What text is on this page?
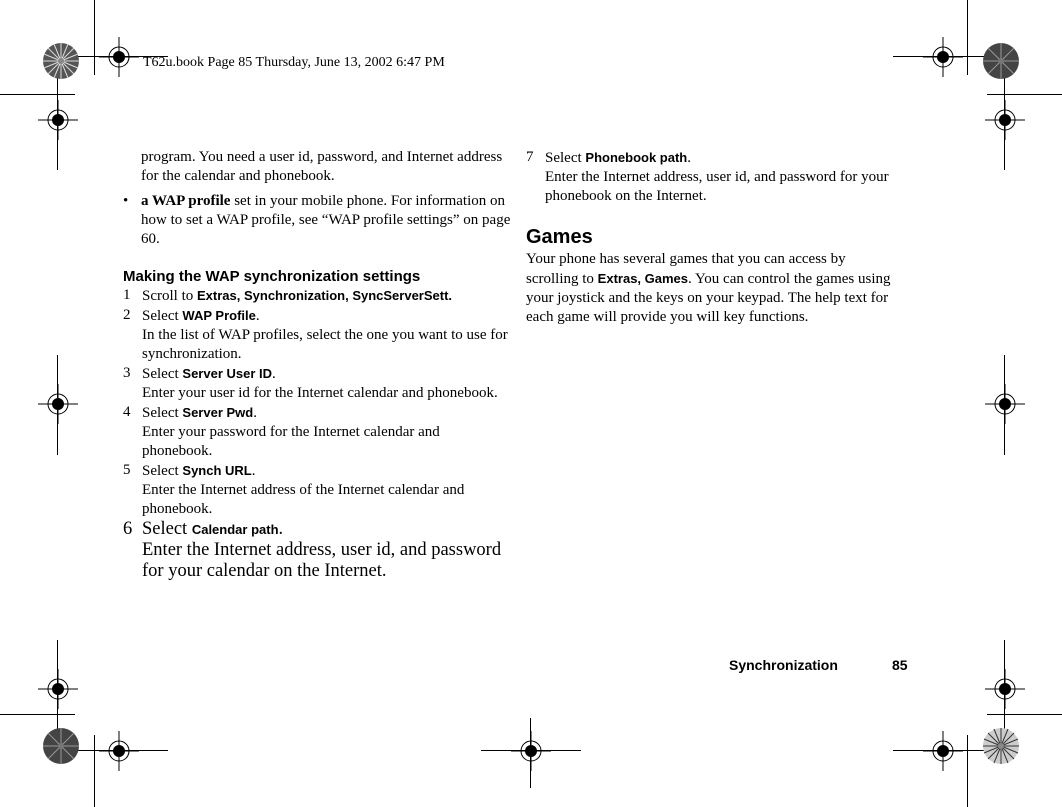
T62u.book Page 85 Thursday, June 13, 2002 6:47 PM

program. You need a user id, password, and Internet address for the calendar and phonebook.

• a WAP profile set in your mobile phone. For information on how to set a WAP profile, see “WAP profile settings” on page 60.
Making the WAP synchronization settings
1 Scroll to Extras, Synchronization, SyncServerSett.
2 Select WAP Profile.
In the list of WAP profiles, select the one you want to use for synchronization.
3 Select Server User ID.
Enter your user id for the Internet calendar and phonebook.
4 Select Server Pwd.
Enter your password for the Internet calendar and phonebook.
5 Select Synch URL.
Enter the Internet address of the Internet calendar and phonebook.
6 Select Calendar path.
Enter the Internet address, user id, and password for your calendar on the Internet.
7 Select Phonebook path.
Enter the Internet address, user id, and password for your phonebook on the Internet.
Games

Your phone has several games that you can access by scrolling to Extras, Games. You can control the games using your joystick and the keys on your keypad. The help text for each game will provide you will key functions.

Synchronization	85
